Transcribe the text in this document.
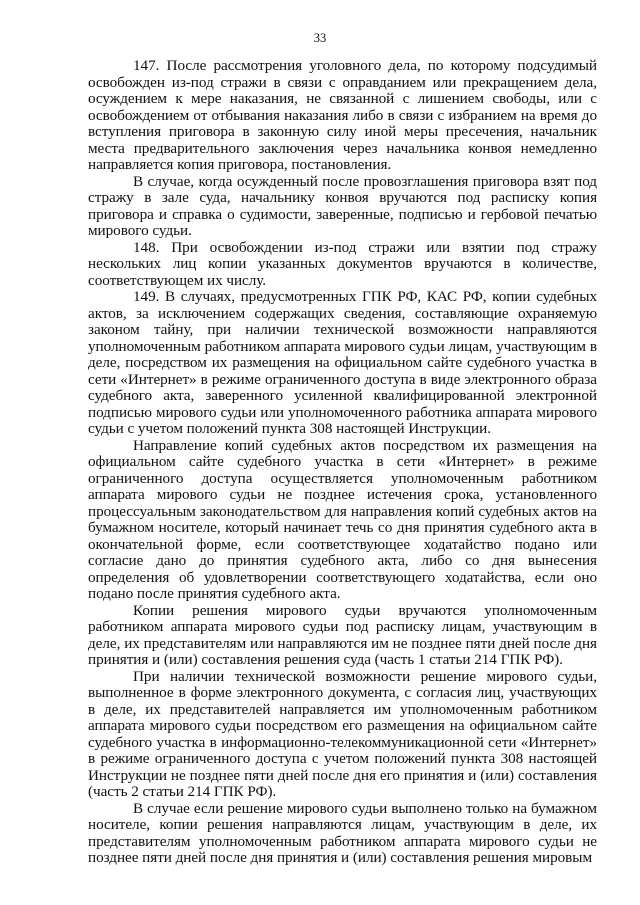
33

147. После рассмотрения уголовного дела, по которому подсудимый освобожден из-под стражи в связи с оправданием или прекращением дела, осуждением к мере наказания, не связанной с лишением свободы, или с освобождением от отбывания наказания либо в связи с избранием на время до вступления приговора в законную силу иной меры пресечения, начальник места предварительного заключения через начальника конвоя немедленно направляется копия приговора, постановления.

В случае, когда осужденный после провозглашения приговора взят под стражу в зале суда, начальнику конвоя вручаются под расписку копия приговора и справка о судимости, заверенные, подписью и гербовой печатью мирового судьи.

148. При освобождении из-под стражи или взятии под стражу нескольких лиц копии указанных документов вручаются в количестве, соответствующем их числу.

149. В случаях, предусмотренных ГПК РФ, КАС РФ, копии судебных актов, за исключением содержащих сведения, составляющие охраняемую законом тайну, при наличии технической возможности направляются уполномоченным работником аппарата мирового судьи лицам, участвующим в деле, посредством их размещения на официальном сайте судебного участка в сети «Интернет» в режиме ограниченного доступа в виде электронного образа судебного акта, заверенного усиленной квалифицированной электронной подписью мирового судьи или уполномоченного работника аппарата мирового судьи с учетом положений пункта 308 настоящей Инструкции.

Направление копий судебных актов посредством их размещения на официальном сайте судебного участка в сети «Интернет» в режиме ограниченного доступа осуществляется уполномоченным работником аппарата мирового судьи не позднее истечения срока, установленного процессуальным законодательством для направления копий судебных актов на бумажном носителе, который начинает течь со дня принятия судебного акта в окончательной форме, если соответствующее ходатайство подано или согласие дано до принятия судебного акта, либо со дня вынесения определения об удовлетворении соответствующего ходатайства, если оно подано после принятия судебного акта.

Копии решения мирового судьи вручаются уполномоченным работником аппарата мирового судьи под расписку лицам, участвующим в деле, их представителям или направляются им не позднее пяти дней после дня принятия и (или) составления решения суда (часть 1 статьи 214 ГПК РФ).

При наличии технической возможности решение мирового судьи, выполненное в форме электронного документа, с согласия лиц, участвующих в деле, их представителей направляется им уполномоченным работником аппарата мирового судьи посредством его размещения на официальном сайте судебного участка в информационно-телекоммуникационной сети «Интернет» в режиме ограниченного доступа с учетом положений пункта 308 настоящей Инструкции не позднее пяти дней после дня его принятия и (или) составления (часть 2 статьи 214 ГПК РФ).

В случае если решение мирового судьи выполнено только на бумажном носителе, копии решения направляются лицам, участвующим в деле, их представителям уполномоченным работником аппарата мирового судьи не позднее пяти дней после дня принятия и (или) составления решения мировым
